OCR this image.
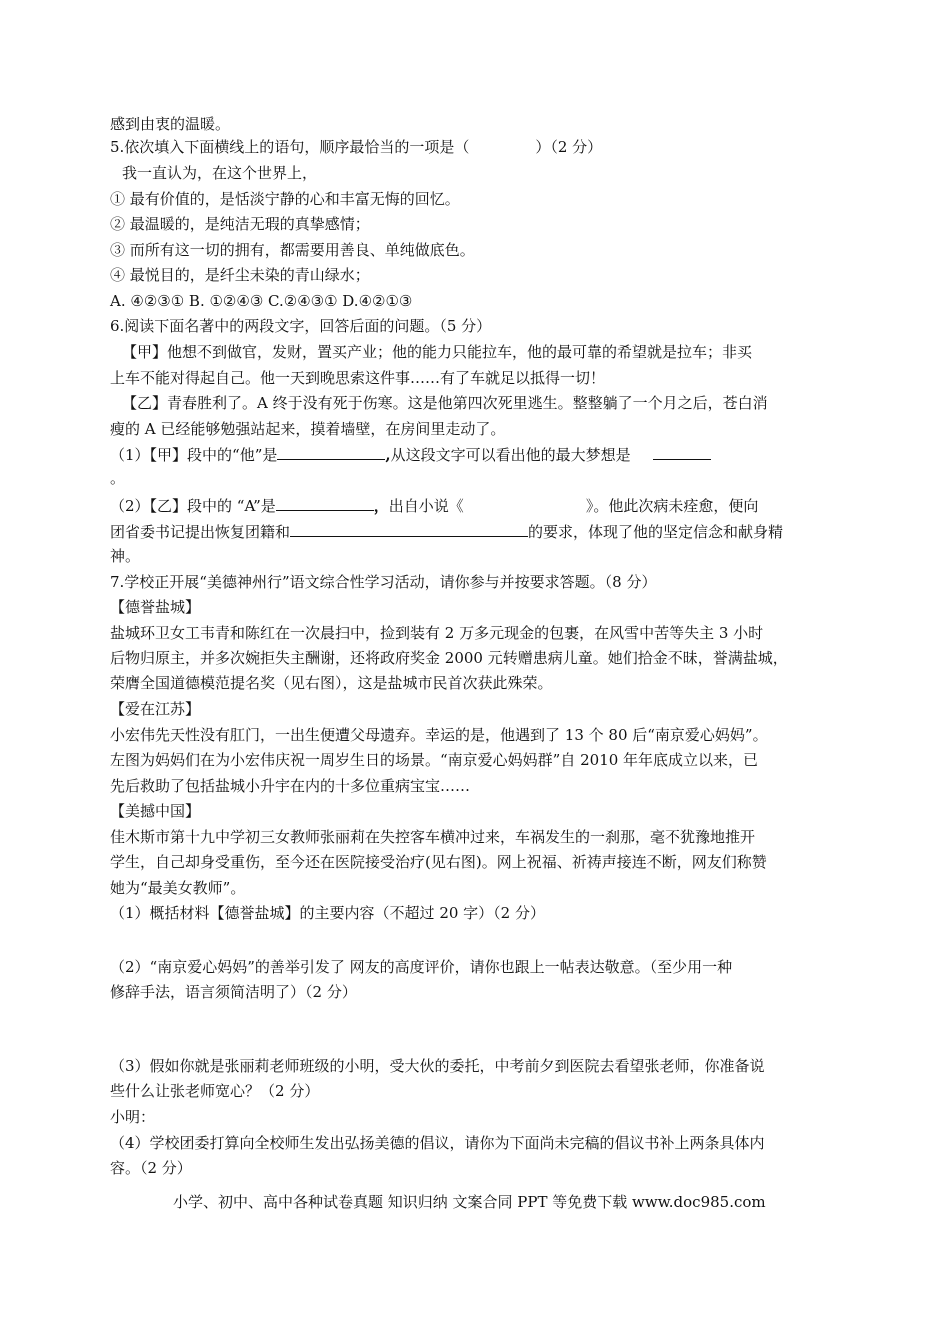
感到由衷的温暖。
5.依次填入下面横线上的语句，顺序最恰当的一项是（	）（2 分）
我一直认为，在这个世界上，
① 最有价值的，是恬淡宁静的心和丰富无悔的回忆。
② 最温暖的，是纯洁无瑕的真挚感情；
③ 而所有这一切的拥有，都需要用善良、单纯做底色。
④ 最悦目的，是纤尘未染的青山绿水；
A. ④②③① B. ①②④③ C.②④③① D.④②①③
6.阅读下面名著中的两段文字，回答后面的问题。（5 分）
【甲】他想不到做官，发财，置买产业；他的能力只能拉车，他的最可靠的希望就是拉车；非买
上车不能对得起自己。他一天到晚思索这件事……有了车就足以抵得一切！
【乙】青春胜利了。A 终于没有死于伤寒。这是他第四次死里逃生。整整躺了一个月之后，苍白消
瘦的 A 已经能够勉强站起来，摸着墙壁，在房间里走动了。
（1）【甲】段中的“他”是	,从这段文字可以看出他的最大梦想是
。
（2）【乙】段中的 “A”是	，出自小说《	》。他此次病未痊愈，便向
团省委书记提出恢复团籍和	的要求，体现了他的坚定信念和献身精
神。
7.学校正开展“美德神州行”语文综合性学习活动，请你参与并按要求答题。（8 分）
【德誉盐城】
盐城环卫女工韦青和陈红在一次晨扫中，捡到装有 2 万多元现金的包裹，在风雪中苦等失主 3 小时
后物归原主，并多次婉拒失主酬谢，还将政府奖金 2000 元转赠患病儿童。她们拾金不昧，誉满盐城，
荣膺全国道德模范提名奖（见右图），这是盐城市民首次获此殊荣。
【爱在江苏】
小宏伟先天性没有肛门，一出生便遭父母遗弃。幸运的是，他遇到了 13 个 80 后“南京爱心妈妈”。
左图为妈妈们在为小宏伟庆祝一周岁生日的场景。“南京爱心妈妈群”自 2010 年年底成立以来，已
先后救助了包括盐城小升宇在内的十多位重病宝宝……
【美撼中国】
佳木斯市第十九中学初三女教师张丽莉在失控客车横冲过来，车祸发生的一刹那，毫不犹豫地推开
学生，自己却身受重伤，至今还在医院接受治疗(见右图)。网上祝福、祈祷声接连不断，网友们称赞
她为“最美女教师”。
（1）概括材料【德誉盐城】的主要内容（不超过 20 字）（2 分）
（2）“南京爱心妈妈”的善举引发了 网友的高度评价，请你也跟上一帖表达敬意。（至少用一种
修辞手法，语言须简洁明了）（2 分）
（3）假如你就是张丽莉老师班级的小明，受大伙的委托，中考前夕到医院去看望张老师，你准备说
些什么让张老师宽心？（2 分）
小明：
（4）学校团委打算向全校师生发出弘扬美德的倡议，请你为下面尚未完稿的倡议书补上两条具体内
容。（2 分）
小学、初中、高中各种试卷真题 知识归纳 文案合同 PPT 等免费下载 www.doc985.com
